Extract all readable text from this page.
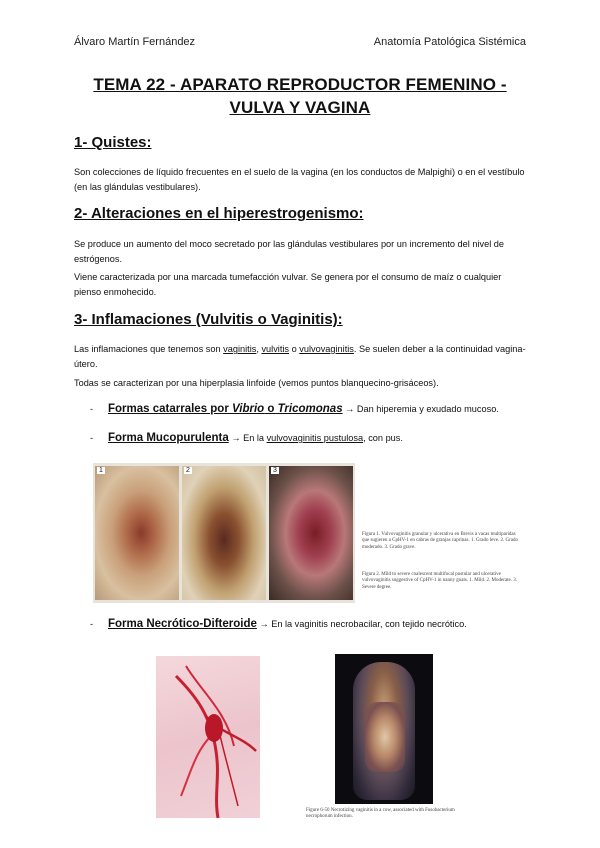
Álvaro Martín Fernández	Anatomía Patológica Sistémica
TEMA 22 - APARATO REPRODUCTOR FEMENINO -
VULVA Y VAGINA
1- Quistes:
Son colecciones de líquido frecuentes en el suelo de la vagina (en los conductos de Malpighi) o en el vestíbulo (en las glándulas vestibulares).
2- Alteraciones en el hiperestrogenismo:
Se produce un aumento del moco secretado por las glándulas vestibulares por un incremento del nivel de estrógenos.
Viene caracterizada por una marcada tumefacción vulvar. Se genera por el consumo de maíz o cualquier pienso enmohecido.
3- Inflamaciones (Vulvitis o Vaginitis):
Las inflamaciones que tenemos son vaginitis, vulvitis o vulvovaginitis. Se suelen deber a la continuidad vagina-útero.
Todas se caracterizan por una hiperplasia linfoide (vemos puntos blanquecino-grisáceos).
- Formas catarrales por Vibrio o Tricomonas → Dan hiperemia y exudado mucoso.
- Forma Mucopurulenta → En la vulvovaginitis pustulosa, con pus.
1	2	3
Figura 1. Vulvovaginitis granular y ulcerativa en Brevis a vacas multiparidas que sugieren a CpHV-1 en cabras de granjas caprinas. 1. Grado leve. 2. Grado moderado. 3. Grado grave.
Figura 2. Mild to severe coalescent multifocal pustular and ulcerative vulvovaginitis suggestive of CpHV-1 in nanny goats. 1. Mild. 2. Moderate. 3. Severe degree.
- Forma Necrótico-Difteroide → En la vaginitis necrobacilar, con tejido necrótico.
Figure 6-50 Necrotizing vaginitis in a cow, associated with Fusobacterium necrophorum infection.
